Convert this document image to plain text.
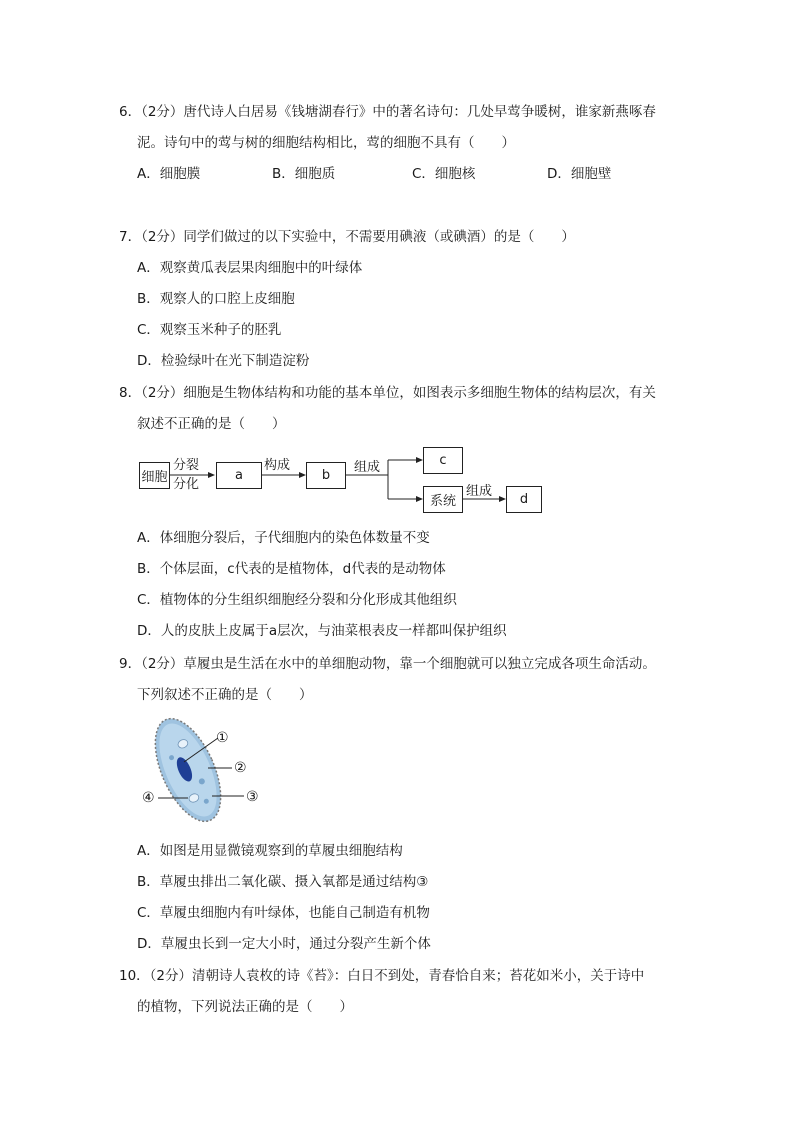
6．（2分）唐代诗人白居易《钱塘湖春行》中的著名诗句：几处早莺争暖树，谁家新燕啄春
泥。诗句中的莺与树的细胞结构相比，莺的细胞不具有（　　）
A．细胞膜	B．细胞质	C．细胞核	D．细胞壁
7．（2分）同学们做过的以下实验中，不需要用碘液（或碘酒）的是（　　）
A．观察黄瓜表层果肉细胞中的叶绿体
B．观察人的口腔上皮细胞
C．观察玉米种子的胚乳
D．检验绿叶在光下制造淀粉
8．（2分）细胞是生物体结构和功能的基本单位，如图表示多细胞生物体的结构层次，有关
叙述不正确的是（　　）
细胞
分裂
分化
a
构成
b
组成	c
系统
组成
d
A．体细胞分裂后，子代细胞内的染色体数量不变
B．个体层面，c代表的是植物体，d代表的是动物体
C．植物体的分生组织细胞经分裂和分化形成其他组织
D．人的皮肤上皮属于a层次，与油菜根表皮一样都叫保护组织
9．（2分）草履虫是生活在水中的单细胞动物，靠一个细胞就可以独立完成各项生命活动。
下列叙述不正确的是（　　）
①
②
③
④
A．如图是用显微镜观察到的草履虫细胞结构
B．草履虫排出二氧化碳、摄入氧都是通过结构③
C．草履虫细胞内有叶绿体，也能自己制造有机物
D．草履虫长到一定大小时，通过分裂产生新个体
10．（2分）清朝诗人袁枚的诗《苔》：白日不到处，青春恰自来；苔花如米小，关于诗中
的植物，下列说法正确的是（　　）
